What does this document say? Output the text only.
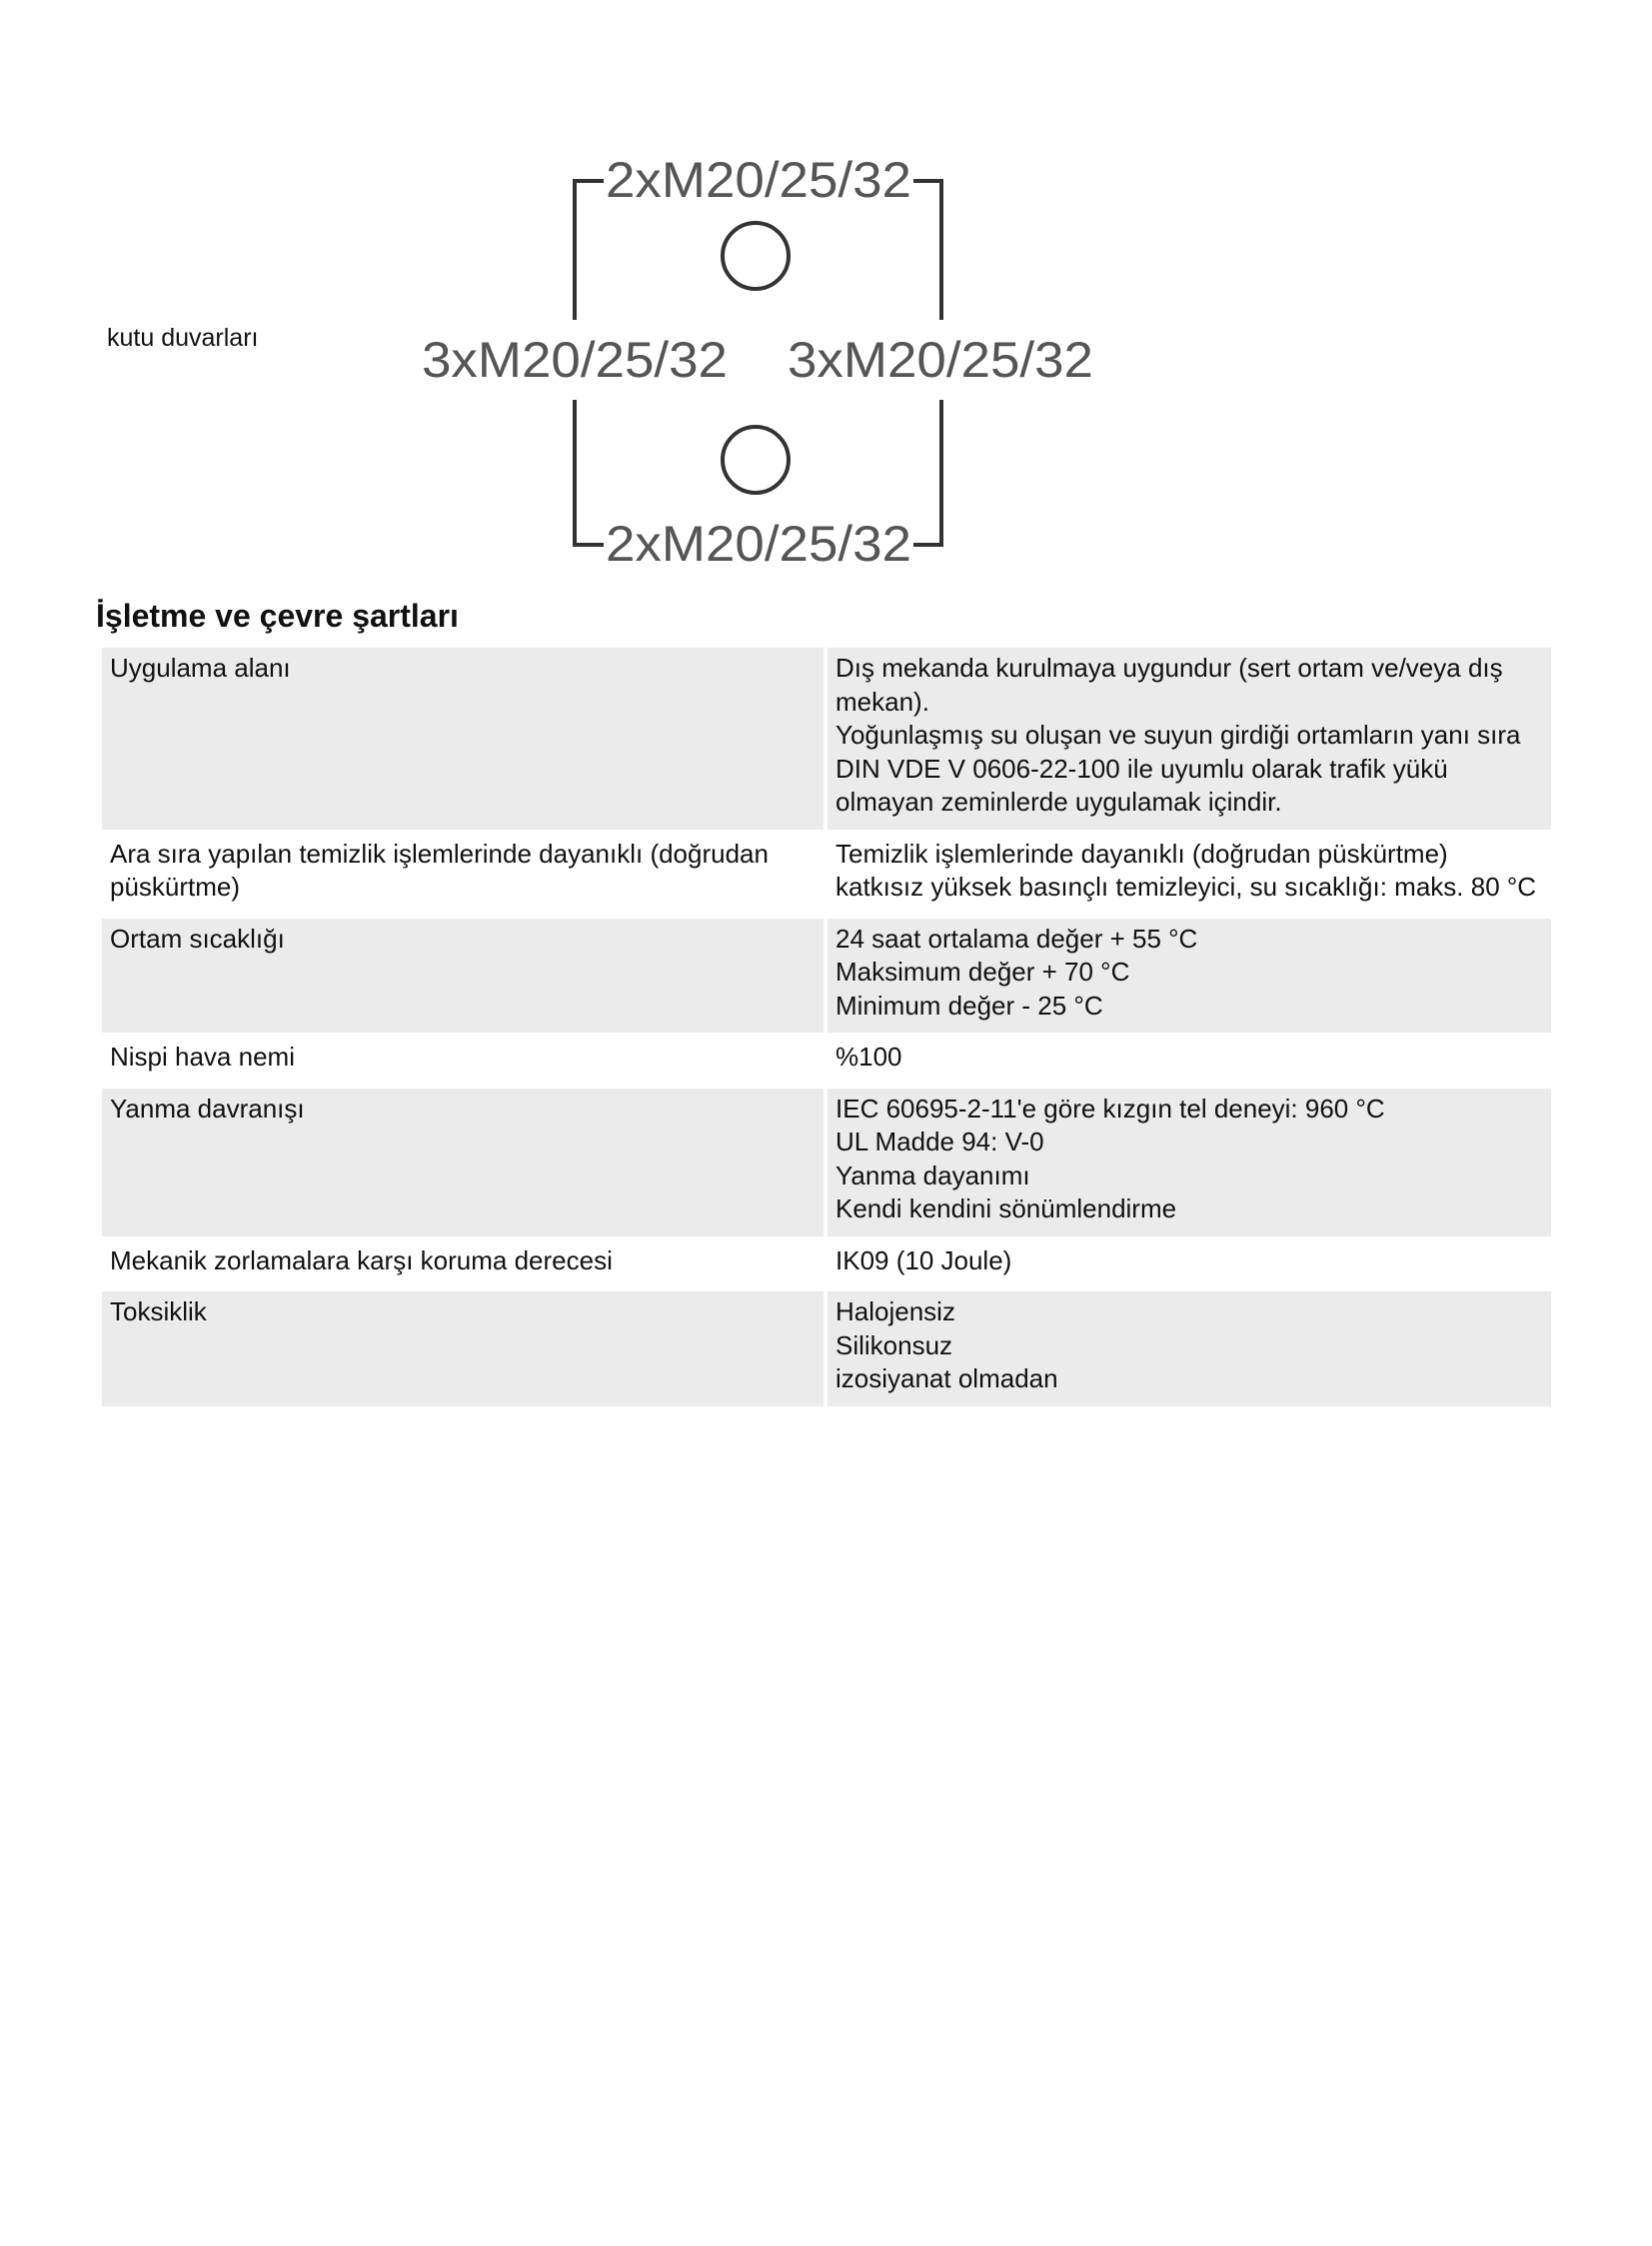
kutu duvarları
2xM20/25/32
3xM20/25/32 3xM20/25/32
2xM20/25/32
İşletme ve çevre şartları
Uygulama alanı	Dış mekanda kurulmaya uygundur (sert ortam ve/veya dış mekan).
Yoğunlaşmış su oluşan ve suyun girdiği ortamların yanı sıra DIN VDE V 0606-22-100 ile uyumlu olarak trafik yükü olmayan zeminlerde uygulamak içindir.

Ara sıra yapılan temizlik işlemlerinde dayanıklı (doğrudan püskürtme)	Temizlik işlemlerinde dayanıklı (doğrudan püskürtme) katkısız yüksek basınçlı temizleyici, su sıcaklığı: maks. 80 °C

Ortam sıcaklığı	24 saat ortalama değer + 55 °C
Maksimum değer + 70 °C
Minimum değer - 25 °C

Nispi hava nemi	%100

Yanma davranışı	IEC 60695-2-11'e göre kızgın tel deneyi: 960 °C
UL Madde 94: V-0
Yanma dayanımı
Kendi kendini sönümlendirme

Mekanik zorlamalara karşı koruma derecesi	IK09 (10 Joule)

Toksiklik	Halojensiz
Silikonsuz
izosiyanat olmadan
